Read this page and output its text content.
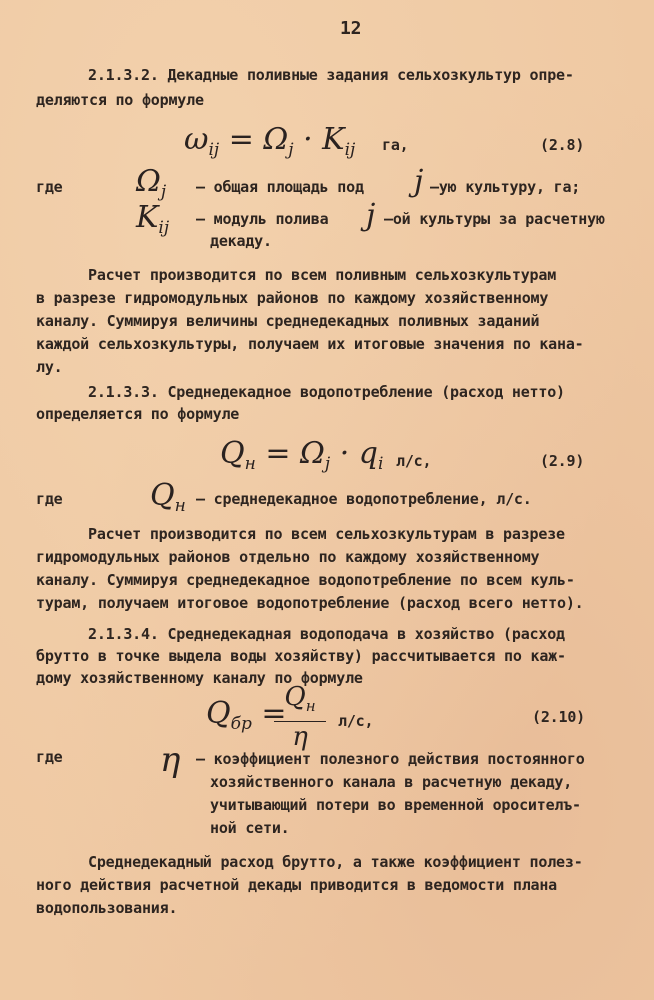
12
2.1.3.2. Декадные поливные задания сельхозкультур опре-
деляются по формуле
$\omega_{ij} = \Omega_j \cdot K_{ij}$ га,	(2.8)
где $\Omega_j$ – общая площадь под j –ую культуру, га;
$K_{ij}$ – модуль полива j –ой культуры за расчетную
декаду.
Расчет производится по всем поливным сельхозкультурам
в разрезе гидромодульных районов по каждому хозяйственному
каналу. Суммируя величины среднедекадных поливных заданий
каждой сельхозкультуры, получаем их итоговые значения по кана-
лу.
2.1.3.3. Среднедекадное водопотребление (расход нетто)
определяется по формуле
$Q_н = \Omega_j \cdot q_i$ л/с,	(2.9)
где	$Q_н$ – среднедекадное водопотребление, л/с.
Расчет производится по всем сельхозкультурам в разрезе
гидромодульных районов отдельно по каждому хозяйственному
каналу. Суммируя среднедекадное водопотребление по всем куль-
турам, получаем итоговое водопотребление (расход всего нетто).
2.1.3.4. Среднедекадная водоподача в хозяйство (расход
брутто в точке выдела воды хозяйству) рассчитывается по каж-
дому хозяйственному каналу по формуле
$Q_{бр}$ =
$Q_н$
η
л/с,	(2.10)
где	η – коэффициент полезного действия постоянного
хозяйственного канала в расчетную декаду,
учитывающий потери во временной оросителъ-
ной сети.
Среднедекадный расход брутто, а также коэффициент полез-
ного действия расчетной декады приводится в ведомости плана
водопользования.
